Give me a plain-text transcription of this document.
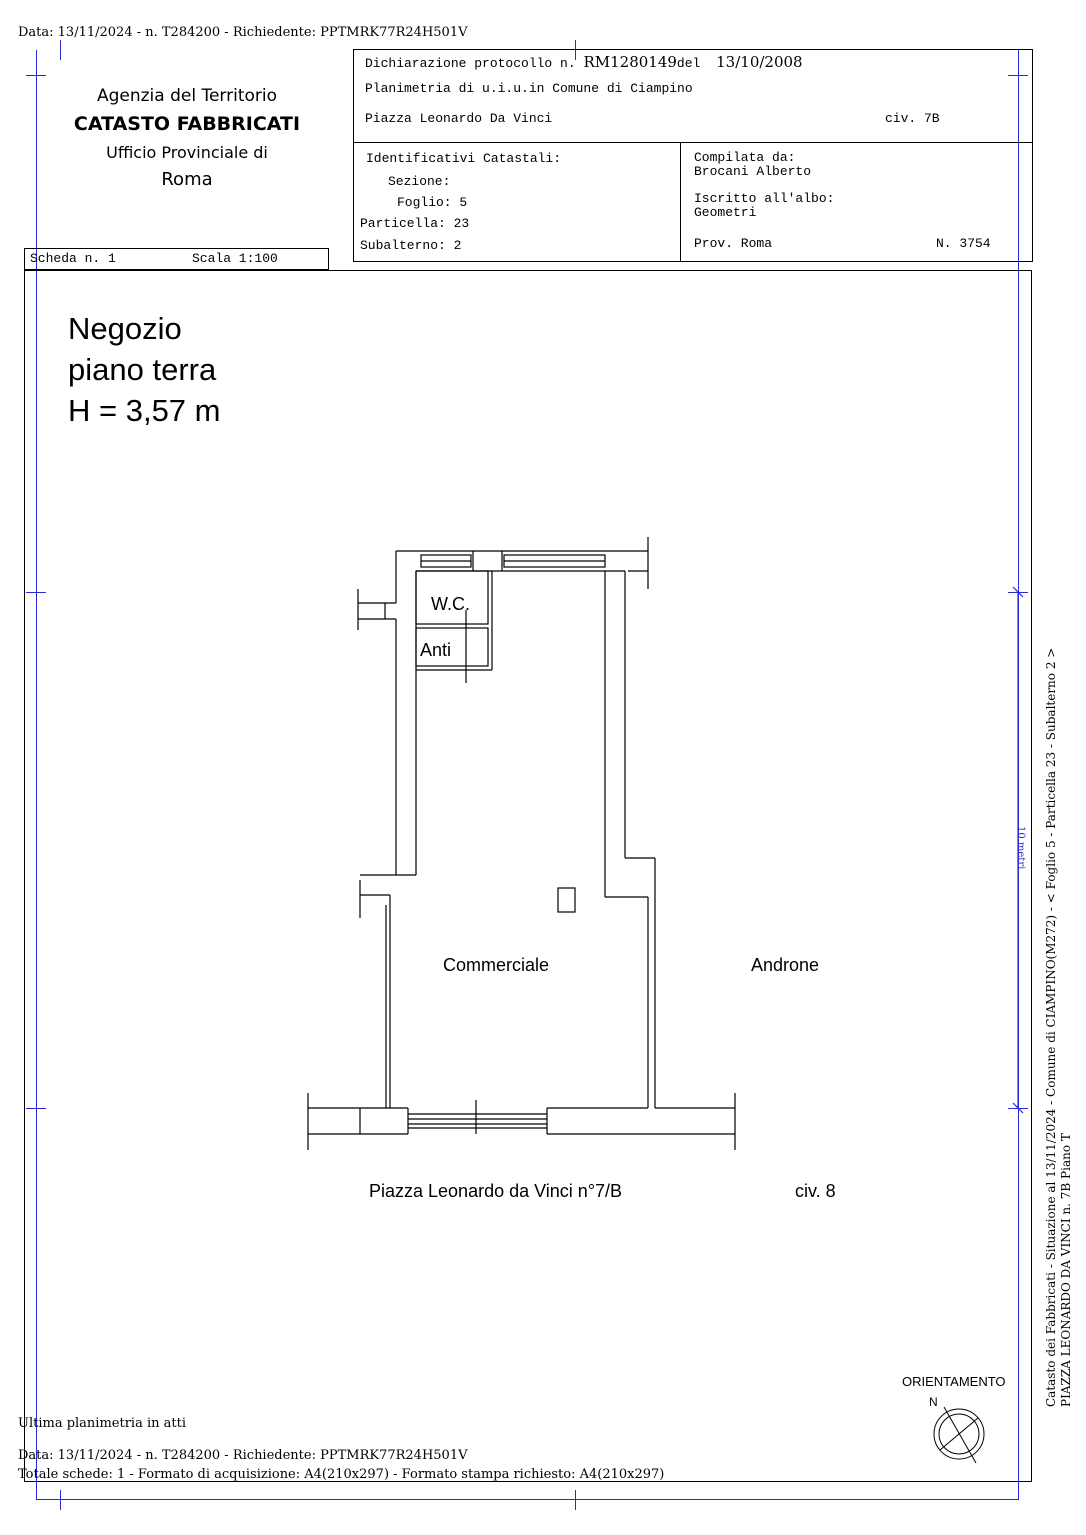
Data: 13/11/2024 - n. T284200 - Richiedente: PPTMRK77R24H501V
Agenzia del Territorio
CATASTO FABBRICATI
Ufficio Provinciale di
Roma
Scheda n. 1	Scala 1:100
Dichiarazione protocollo n. RM1280149del 13/10/2008
Planimetria di u.i.u.in Comune di Ciampino
Piazza Leonardo Da Vinci	civ. 7B
Identificativi Catastali:
Sezione:
Foglio: 5
Particella: 23
Subalterno: 2
Compilata da:
Brocani Alberto
Iscritto all'albo:
Geometri
Prov. Roma	N. 3754
Negozio
piano terra
H = 3,57 m
W.C.
Anti
Commerciale	Androne
Piazza Leonardo da Vinci n°7/B	civ. 8
ORIENTAMENTO
N	Catasto dei Fabbricati - Situazione al 13/11/2024 - Comune di CIAMPINO(M272) - < Foglio 5 - Particella 23 - Subalterno 2 > PIAZZA LEONARDO DA VINCI n. 7B Piano T
10 metri
Ultima planimetria in atti
Data: 13/11/2024 - n. T284200 - Richiedente: PPTMRK77R24H501V
Totale schede: 1 - Formato di acquisizione: A4(210x297) - Formato stampa richiesto: A4(210x297)
